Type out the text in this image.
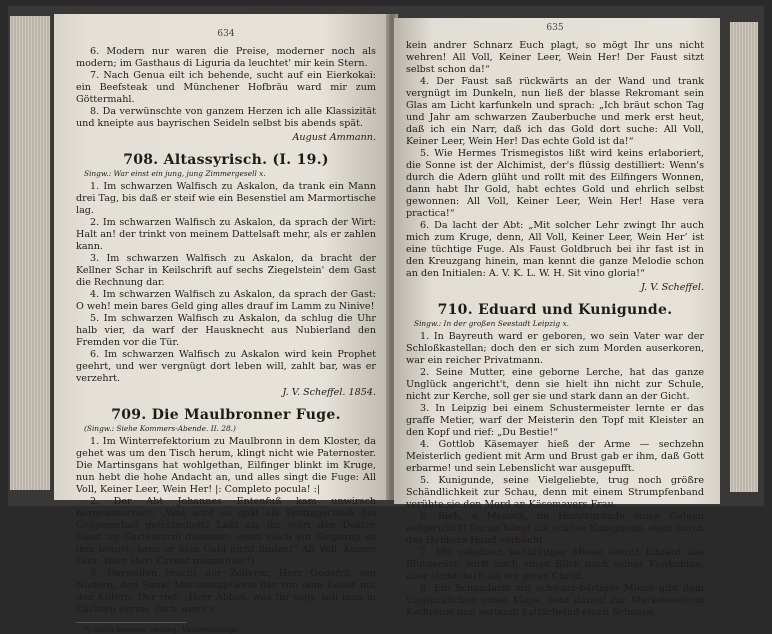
634

6. Modern nur waren die Preise, moderner noch als modern; im Gasthaus di Liguria da leuchtet' mir kein Stern.

7. Nach Genua eilt ich behende, sucht auf ein Eierkokai: ein Beefsteak und Münchener Hofbräu ward mir zum Göttermahl.

8. Da verwünschte von ganzem Herzen ich alle Klassizität und kneipte aus bayrischen Seideln selbst bis abends spät.

August Ammann.
708. Altassyrisch. (I. 19.)
Singw.: War einst ein jung, jung Zimmergesell x.

1. Im schwarzen Walfisch zu Askalon, da trank ein Mann drei Tag, bis daß er steif wie ein Besenstiel am Marmortische lag.

2. Im schwarzen Walfisch zu Askalon, da sprach der Wirt: Halt an! der trinkt von meinem Dattelsaft mehr, als er zahlen kann.

3. Im schwarzen Walfisch zu Askalon, da bracht der Kellner Schar in Keilschrift auf sechs Ziegelstein' dem Gast die Rechnung dar.

4. Im schwarzen Walfisch zu Askalon, da sprach der Gast: O weh! mein bares Geld ging alles drauf im Lamm zu Ninive!

5. Im schwarzen Walfisch zu Askalon, da schlug die Uhr halb vier, da warf der Hausknecht aus Nubierland den Fremden vor die Tür.

6. Im schwarzen Walfisch zu Askalon wird kein Prophet geehrt, und wer vergnügt dort leben will, zahlt bar, was er verzehrt.

J. V. Scheffel. 1854.
709. Die Maulbronner Fuge.
(Singw.: Siehe Kommers-Abende. II. 28.)

1. Im Winterrefektorium zu Maulbronn in dem Kloster, da gehet was um den Tisch herum, klingt nicht wie Paternoster. Die Martinsgans hat wohlgethan, Eilfinger blinkt im Kruge, nun hebt die hohe Andacht an, und alles singt die Fuge: All Voll, Keiner Leer, Wein Her! |: Completo pocula! :|

2. Der Abt Johannes Entenfuß kam unwirsch hergewatschelt: „Was wird so spät als Festtagschluß bei Geigenschall getratschelt? Laßt ab, ihr stört den Doktor Faust im Gartenturm dahinten; wenn solch ein Singsang zu ihm braust, kann er kein Gold nicht finden!“ All Voll, Keiner Leer, Wein Her! Caveat monachus!*)

3. Derweilen bracht der Zellerar, Herr Godefrit von Niefern, den Sankt Martinszapfwein dar von dem Keller mit den Küfern. Der rief: „Herr Abbas, was Ihr sagt, soll man in Züchten ehren; doch wenn's

*) Nach neuerer Lesung: Vaterrechnaps.
635

kein andrer Schnarz Euch plagt, so mögt Ihr uns nicht wehren! All Voll, Keiner Leer, Wein Her! Der Faust sitzt selbst schon da!“

4. Der Faust saß rückwärts an der Wand und trank vergnügt im Dunkeln, nun ließ der blasse Rekromant sein Glas am Licht karfunkeln und sprach: „Ich bräut schon Tag und Jahr am schwarzen Zauberbuche und merk erst heut, daß ich ein Narr, daß ich das Gold dort suche: All Voll, Keiner Leer, Wein Her! Das echte Gold ist da!“

5. Wie Hermes Trismegistos lißt wird keins erlaboriert, die Sonne ist der Alchimist, der's flüssig destilliert: Wenn's durch die Adern glüht und rollt mit des Eilfingers Wonnen, dann habt Ihr Gold, habt echtes Gold und ehrlich selbst gewonnen: All Voll, Keiner Leer, Wein Her! Hase vera practica!“

6. Da lacht der Abt: „Mit solcher Lehr zwingt Ihr auch mich zum Kruge, denn, All Voll, Keiner Leer, Wein Her’ ist eine tüchtige Fuge. Als Faust Goldbruch bei ihr fast ist in den Kreuzgang hinein, man kennt die ganze Melodie schon an den Initialen: A. V. K. L. W. H. Sit vino gloria!“

J. V. Scheffel.
710. Eduard und Kunigunde.
Singw.: In der großen Seestadt Leipzig x.

1. In Bayreuth ward er geboren, wo sein Vater war der Schloßkastellan; doch den er sich zum Morden auserkoren, war ein reicher Privatmann.

2. Seine Mutter, eine geborne Lerche, hat das ganze Unglück angericht't, denn sie hielt ihn nicht zur Schule, nicht zur Kerche, soll ger sie und stark dann an der Gicht.

3. In Leipzig bei einem Schustermeister lernte er das graffe Metier, warf der Meisterin den Topf mit Kleister an den Kopf und rief: „Du Bestie!“

4. Gottlob Käsemayer hieß der Arme — sechzehn Meisterlich gedient mit Arm und Brust gab er ihm, daß Gott erbarme! und sein Lebenslicht war ausgepufft.

5. Kunigunde, seine Vielgeliebte, trug noch größre Schändlichkeit zur Schau, denn mit einem Strumpfenband verübte sie den Mord an Käsemayers Frau.

6. Sieh, o Mensch, im Hintergrunde einen Galgen aufgericht't! Daran hängt die schöne Kunigunde, eben durch des Henkers Hand verblicht.

7. Mit gelaßner, kaltblütiger Miene betritt Eduard das Blutgerüst, wirft noch einen Blick nach seiner Konkubine, aber stirbt doch als ein guter Christ.

8. Ein Schandarm mit schwarz-bärtiger Miene gibt dem Unglücklichen einen Klaps, geht darauf zur Marketenderin Katherine und verlangt katlächelnd einen Schnaps.
